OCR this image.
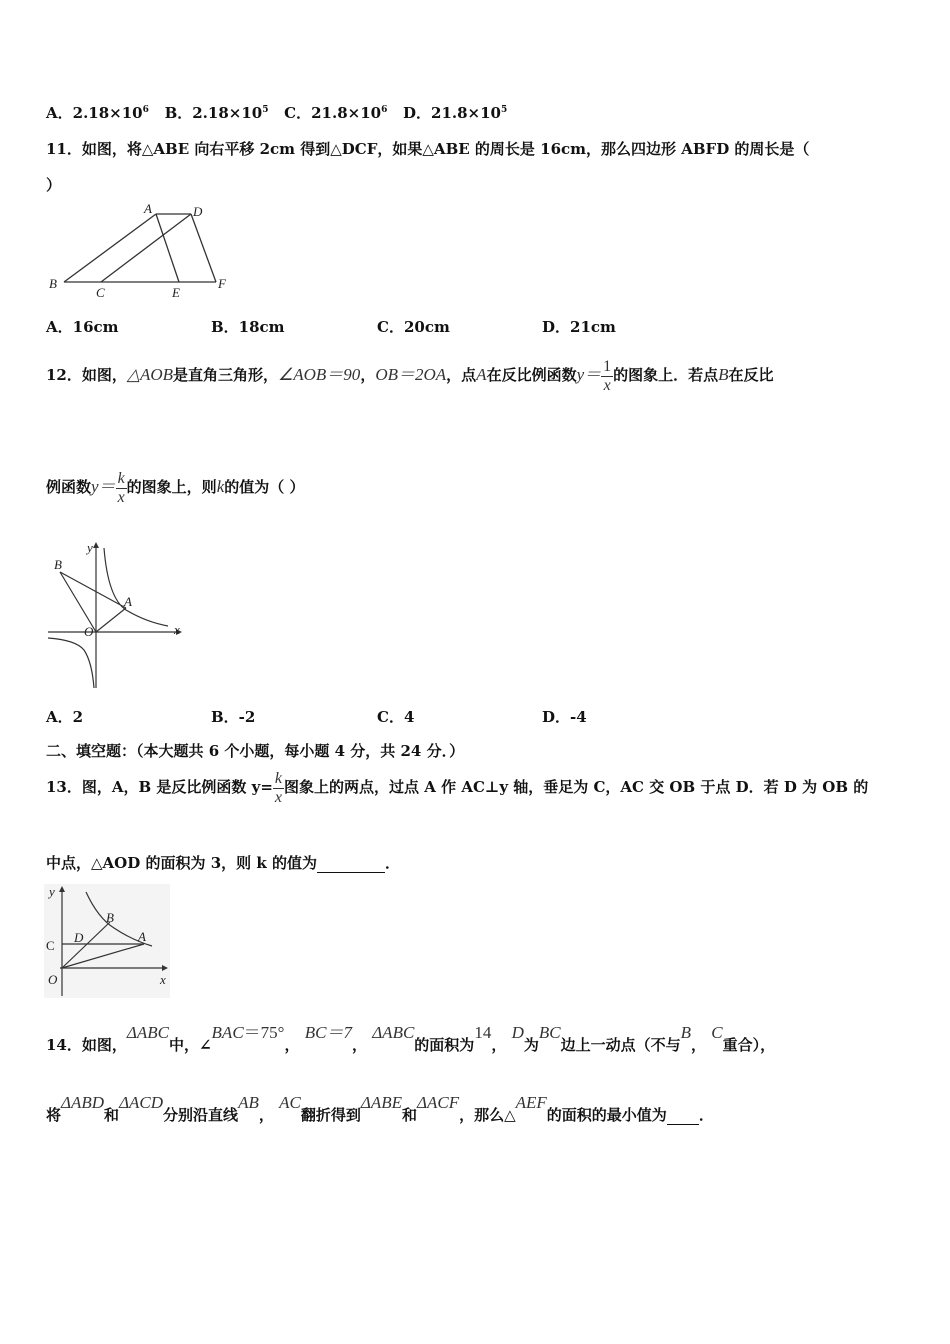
A．$2.18\times 10^6$ B．$2.18\times 10^5$ C．$21.8\times 10^6$ D．$21.8\times 10^5$
11．如图，将△ABE 向右平移 2cm 得到△DCF，如果△ABE 的周长是 16cm，那么四边形 ABFD 的周长是（
）
A	D
B
C	E
F
A．16cm	B．18cm	C．20cm	D．21cm
12．如图，△AOB是直角三角形，∠AOB＝90，OB＝2OA，点A在反比例函数$y= \frac{1}{x}$ 的图象上．若点B在反比
例函数$y= \frac{k}{x}$ 的图象上，则k的值为（ ）
y
x
B
A
O
A．2	B．-2	C．4	D．-4
二、填空题：（本大题共 6 个小题，每小题 4 分，共 24 分．）
13．图，A，B 是反比例函数 $y= \frac{k}{x}$ 图象上的两点，过点 A 作 AC⊥y 轴，垂足为 C，AC 交 OB 于点 D．若 D 为 OB 的
中点，△AOD 的面积为 3，则 k 的值为	．
y
B
C
D	A
O	x
14．如图，ΔABC中，∠BAC＝75°， BC＝7， ΔABC的面积为14， D为BC边上一动点（不与B， C重合），
将ΔABD和ΔACD分别沿直线AB， AC翻折得到ΔABE和ΔACF，那么△AEF的面积的最小值为 ．
